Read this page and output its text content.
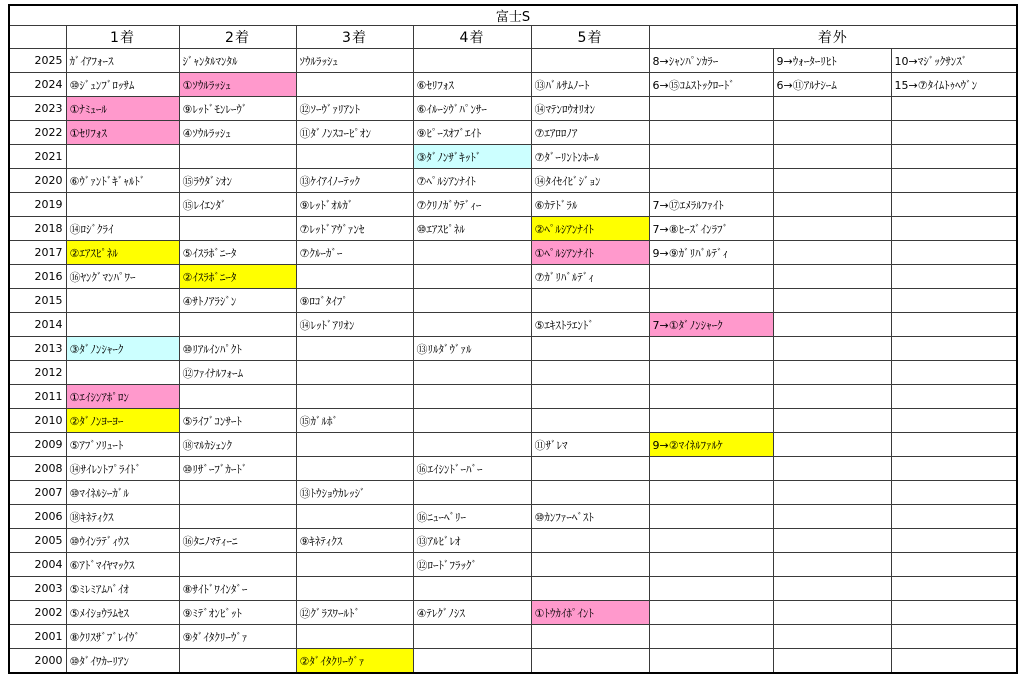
富士S								
	1着	2着	3着	4着	5着	着外		
2025	ｶﾞｲｱﾌｫｰｽ	ｼﾞｬﾝﾀﾙﾏﾝﾀﾙ	ｿｳﾙﾗｯｼｭ			8→ｼｬﾝﾊﾟﾝｶﾗｰ	9→ｳｫｰﾀｰﾘﾋﾄ	10→ﾏｼﾞｯｸｻﾝｽﾞ
2024	⑩ｼﾞｭﾝﾌﾞﾛｯｻﾑ	①ｿｳﾙﾗｯｼｭ		⑥ｾﾘﾌｫｽ	⑬ﾊﾞﾙｻﾑﾉｰﾄ	6→⑮ｺﾑｽﾄｯｸﾛｰﾄﾞ	6→⑪ｱﾙﾅｼｰﾑ	15→⑦ﾀｲﾑﾄｩﾍｳﾞﾝ
2023	①ﾅﾐｭｰﾙ	⑨ﾚｯﾄﾞﾓﾝﾚｰｳﾞ	⑫ｿｰｳﾞｧﾘｱﾝﾄ	⑥ｲﾙｰｼｳﾞﾊﾟﾝｻｰ	⑭ﾏﾃﾝﾛｳｵﾘｵﾝ			
2022	①ｾﾘﾌｫｽ	④ｿｳﾙﾗｯｼｭ	⑪ﾀﾞﾉﾝｽｺｰﾋﾟｵﾝ	⑨ﾋﾟｰｽｵﾌﾞｴｲﾄ	⑦ｴｱﾛﾛﾉｱ			
2021				③ﾀﾞﾉﾝｻﾞｷｯﾄﾞ	⑦ﾀﾞｰﾘﾝﾄﾝﾎｰﾙ			
2020	⑥ｳﾞｧﾝﾄﾞｷﾞｬﾙﾄﾞ	⑮ﾗｳﾀﾞｼｵﾝ	⑬ｹｲｱｲﾉｰﾃｯｸ	⑦ﾍﾟﾙｼｱﾝﾅｲﾄ	⑭ﾀｲｾｲﾋﾞｼﾞｮﾝ			
2019		⑮ﾚｲｴﾝﾀﾞ	⑨ﾚｯﾄﾞｵﾙｶﾞ	⑦ｸﾘﾉｶﾞｳﾃﾞｨｰ	⑥ｶﾃﾄﾞﾗﾙ	7→⑰ｴﾒﾗﾙﾌｧｲﾄ		
2018	⑭ﾛｼﾞｸﾗｲ		⑦ﾚｯﾄﾞｱｳﾞｧﾝｾ	⑩ｴｱｽﾋﾟﾈﾙ	②ﾍﾟﾙｼｱﾝﾅｲﾄ	7→⑧ﾋｰｽﾞｲﾝﾗﾌﾞ		
2017	②ｴｱｽﾋﾟﾈﾙ	⑤ｲｽﾗﾎﾞﾆｰﾀ	⑦ｸﾙｰｶﾞｰ		①ﾍﾟﾙｼｱﾝﾅｲﾄ	9→⑨ｶﾞﾘﾊﾞﾙﾃﾞｨ		
2016	⑯ﾔﾝｸﾞﾏﾝﾊﾟﾜｰ	②ｲｽﾗﾎﾞﾆｰﾀ			⑦ｶﾞﾘﾊﾞﾙﾃﾞｨ			
2015		④ｻﾄﾉｱﾗｼﾞﾝ	⑨ﾛｺﾞﾀｲﾌﾟ					
2014			⑭ﾚｯﾄﾞｱﾘｵﾝ		⑤ｴｷｽﾄﾗｴﾝﾄﾞ	7→①ﾀﾞﾉﾝｼｬｰｸ		
2013	③ﾀﾞﾉﾝｼｬｰｸ	⑩ﾘｱﾙｲﾝﾊﾟｸﾄ		⑬ﾘﾙﾀﾞｳﾞｧﾙ				
2012		⑫ﾌｧｲﾅﾙﾌｫｰﾑ						
2011	①ｴｲｼﾝｱﾎﾟﾛﾝ							
2010	②ﾀﾞﾉﾝﾖｰﾖｰ	⑤ﾗｲﾌﾞｺﾝｻｰﾄ	⑮ｶﾞﾙﾎﾞ					
2009	⑤ｱﾌﾞｿﾘｭｰﾄ	⑱ﾏﾙｶｼｪﾝｸ			⑪ｻﾞﾚﾏ	9→②ﾏｲﾈﾙﾌｧﾙｹ		
2008	⑭ｻｲﾚﾝﾄﾌﾟﾗｲﾄﾞ	⑩ﾘｻﾞｰﾌﾞｶｰﾄﾞ		⑯ｴｲｼﾝﾄﾞｰﾊﾞｰ				
2007	⑩ﾏｲﾈﾙｼｰｶﾞﾙ		⑬ﾄｳｼｮｳｶﾚｯｼﾞ					
2006	⑱ｷﾈﾃｨｸｽ			⑯ﾆｭｰﾍﾞﾘｰ	⑩ｶﾝﾌｧｰﾍﾞｽﾄ			
2005	⑩ｳｲﾝﾗﾃﾞｨｳｽ	⑯ﾀﾆﾉﾏﾃｨｰﾆ	⑨ｷﾈﾃｨｸｽ	⑬ｱﾙﾋﾞﾚｵ				
2004	⑥ｱﾄﾞﾏｲﾔﾏｯｸｽ			⑫ﾛｰﾄﾞﾌﾗｯｸﾞ				
2003	⑤ﾐﾚﾐｱﾑﾊﾞｲｵ	⑧ｻｲﾄﾞﾜｲﾝﾀﾞｰ						
2002	⑤ﾒｲｼｮｳﾗﾑｾｽ	⑨ﾐﾃﾞｵﾝﾋﾞｯﾄ	⑫ｸﾞﾗｽﾜｰﾙﾄﾞ	④ﾃﾚｸﾞﾉｼｽ	①ﾄｳｶｲﾎﾟｲﾝﾄ			
2001	⑧ｸﾘｽｻﾞﾌﾞﾚｲｳﾞ	⑨ﾀﾞｲﾀｸﾘｰｳﾞｧ						
2000	⑩ﾀﾞｲﾜｶｰﾘｱﾝ		②ﾀﾞｲﾀｸﾘｰｳﾞｧ					
